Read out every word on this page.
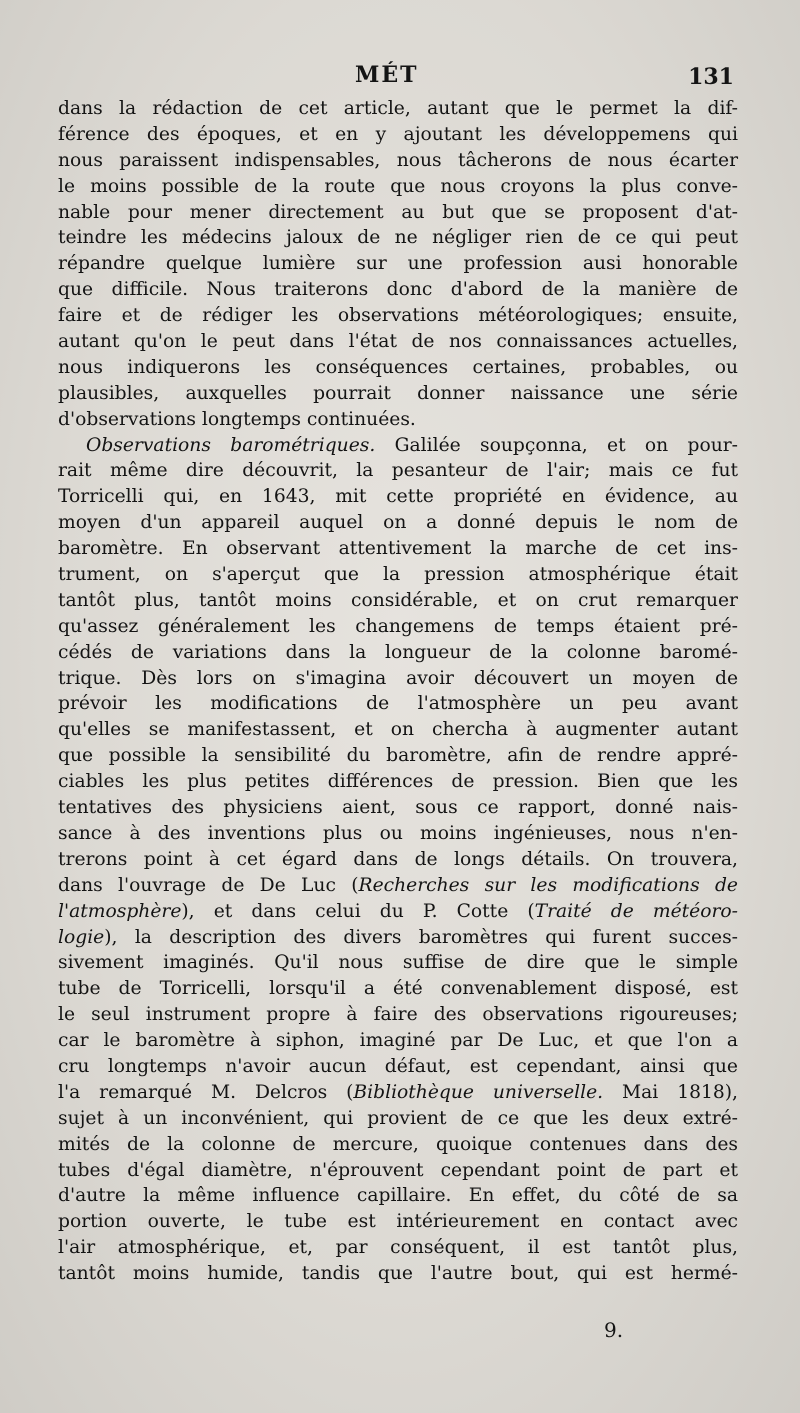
MÉT	131
dans la rédaction de cet article, autant que le permet la dif-
férence des époques, et en y ajoutant les développemens qui
nous paraissent indispensables, nous tâcherons de nous écarter
le moins possible de la route que nous croyons la plus conve-
nable pour mener directement au but que se proposent d'at-
teindre les médecins jaloux de ne négliger rien de ce qui peut
répandre quelque lumière sur une profession ausi honorable
que difficile. Nous traiterons donc d'abord de la manière de
faire et de rédiger les observations météorologiques; ensuite,
autant qu'on le peut dans l'état de nos connaissances actuelles,
nous indiquerons les conséquences certaines, probables, ou
plausibles, auxquelles pourrait donner naissance une série
d'observations longtemps continuées.
Observations barométriques. Galilée soupçonna, et on pour-
rait même dire découvrit, la pesanteur de l'air; mais ce fut
Torricelli qui, en 1643, mit cette propriété en évidence, au
moyen d'un appareil auquel on a donné depuis le nom de
baromètre. En observant attentivement la marche de cet ins-
trument, on s'aperçut que la pression atmosphérique était
tantôt plus, tantôt moins considérable, et on crut remarquer
qu'assez généralement les changemens de temps étaient pré-
cédés de variations dans la longueur de la colonne baromé-
trique. Dès lors on s'imagina avoir découvert un moyen de
prévoir les modifications de l'atmosphère un peu avant
qu'elles se manifestassent, et on chercha à augmenter autant
que possible la sensibilité du baromètre, afin de rendre appré-
ciables les plus petites différences de pression. Bien que les
tentatives des physiciens aient, sous ce rapport, donné nais-
sance à des inventions plus ou moins ingénieuses, nous n'en-
trerons point à cet égard dans de longs détails. On trouvera,
dans l'ouvrage de De Luc (Recherches sur les modifications de
l'atmosphère), et dans celui du P. Cotte (Traité de météoro-
logie), la description des divers baromètres qui furent succes-
sivement imaginés. Qu'il nous suffise de dire que le simple
tube de Torricelli, lorsqu'il a été convenablement disposé, est
le seul instrument propre à faire des observations rigoureuses;
car le baromètre à siphon, imaginé par De Luc, et que l'on a
cru longtemps n'avoir aucun défaut, est cependant, ainsi que
l'a remarqué M. Delcros (Bibliothèque universelle. Mai 1818),
sujet à un inconvénient, qui provient de ce que les deux extré-
mités de la colonne de mercure, quoique contenues dans des
tubes d'égal diamètre, n'éprouvent cependant point de part et
d'autre la même influence capillaire. En effet, du côté de sa
portion ouverte, le tube est intérieurement en contact avec
l'air atmosphérique, et, par conséquent, il est tantôt plus,
tantôt moins humide, tandis que l'autre bout, qui est hermé-
9.
